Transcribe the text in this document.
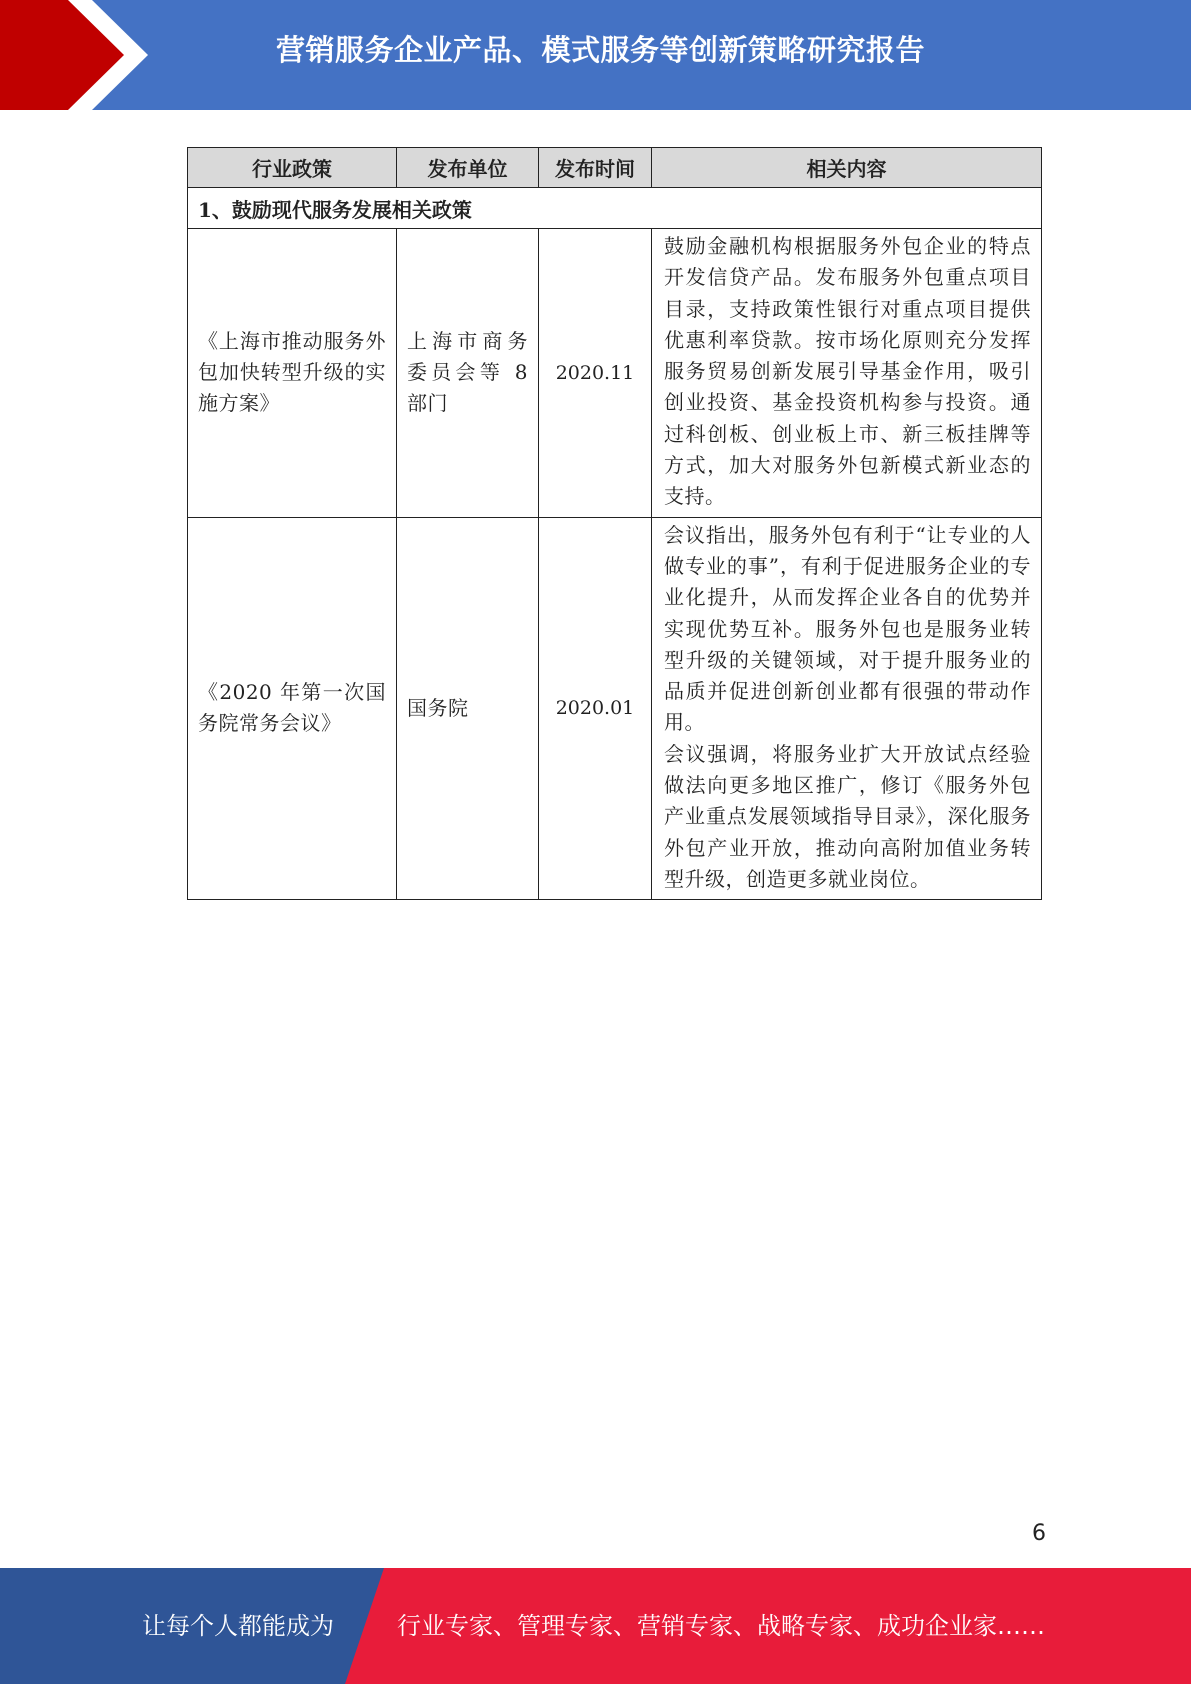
营销服务企业产品、模式服务等创新策略研究报告
行业政策	发布单位	发布时间	相关内容
1、鼓励现代服务发展相关政策			
《上海市推动服务外包加快转型升级的实施方案》	上海市商务委员会等 8 部门	2020.11	鼓励金融机构根据服务外包企业的特点开发信贷产品。发布服务外包重点项目目录，支持政策性银行对重点项目提供优惠利率贷款。按市场化原则充分发挥服务贸易创新发展引导基金作用，吸引创业投资、基金投资机构参与投资。通过科创板、创业板上市、新三板挂牌等方式，加大对服务外包新模式新业态的支持。

《2020 年第一次国务院常务会议》	国务院	2020.01	会议指出，服务外包有利于“让专业的人做专业的事”，有利于促进服务企业的专业化提升，从而发挥企业各自的优势并实现优势互补。服务外包也是服务业转型升级的关键领域，对于提升服务业的品质并促进创新创业都有很强的带动作用。
会议强调，将服务业扩大开放试点经验做法向更多地区推广，修订《服务外包产业重点发展领域指导目录》，深化服务外包产业开放，推动向高附加值业务转型升级，创造更多就业岗位。
6
让每个人都能成为	行业专家、管理专家、营销专家、战略专家、成功企业家……
